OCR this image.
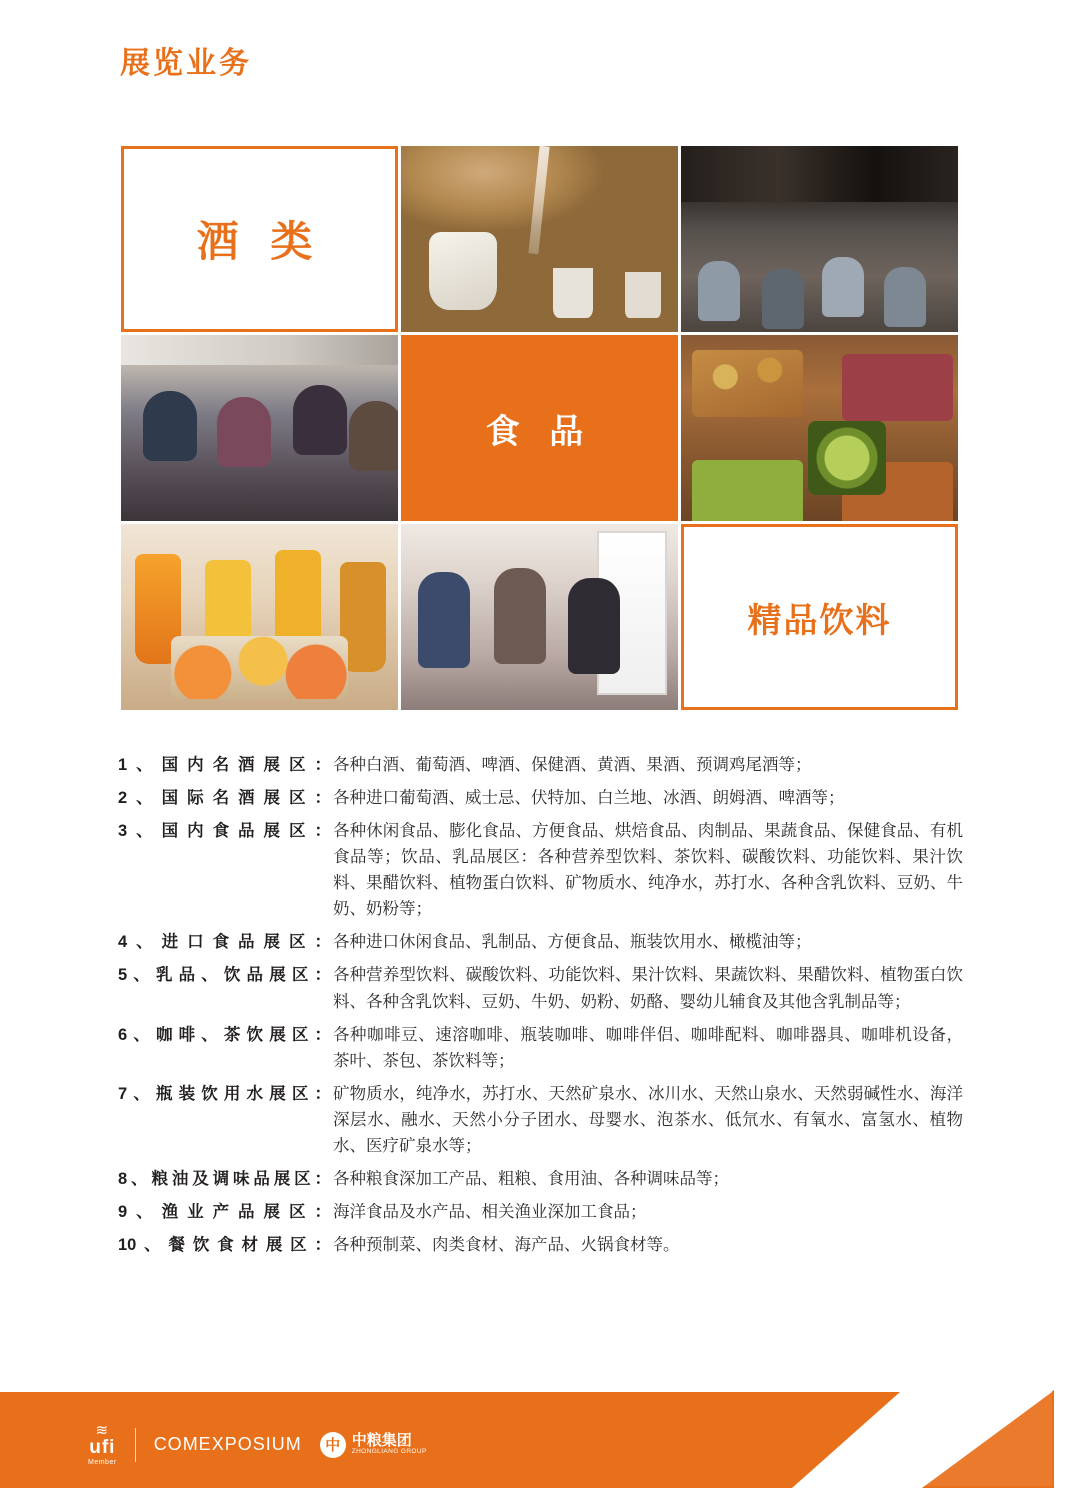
展览业务
酒 类
食 品
精品饮料
1、国内名酒展区： 各种白酒、葡萄酒、啤酒、保健酒、黄酒、果酒、预调鸡尾酒等；
2、国际名酒展区： 各种进口葡萄酒、威士忌、伏特加、白兰地、冰酒、朗姆酒、啤酒等；
3、国内食品展区： 各种休闲食品、膨化食品、方便食品、烘焙食品、肉制品、果蔬食品、保健食品、有机食品等；饮品、乳品展区：各种营养型饮料、茶饮料、碳酸饮料、功能饮料、果汁饮料、果醋饮料、植物蛋白饮料、矿物质水、纯净水，苏打水、各种含乳饮料、豆奶、牛奶、奶粉等；
4、进口食品展区： 各种进口休闲食品、乳制品、方便食品、瓶装饮用水、橄榄油等；
5、乳品、饮品展区： 各种营养型饮料、碳酸饮料、功能饮料、果汁饮料、果蔬饮料、果醋饮料、植物蛋白饮料、各种含乳饮料、豆奶、牛奶、奶粉、奶酪、婴幼儿辅食及其他含乳制品等；
6、咖啡、茶饮展区： 各种咖啡豆、速溶咖啡、瓶装咖啡、咖啡伴侣、咖啡配料、咖啡器具、咖啡机设备， 茶叶、茶包、茶饮料等；
7、瓶装饮用水展区： 矿物质水，纯净水，苏打水、天然矿泉水、冰川水、天然山泉水、天然弱碱性水、海洋深层水、融水、天然小分子团水、母婴水、泡茶水、低氘水、有氧水、富氢水、植物水、医疗矿泉水等；
8、粮油及调味品展区： 各种粮食深加工产品、粗粮、食用油、各种调味品等；
9、渔业产品展区： 海洋食品及水产品、相关渔业深加工食品；
10、餐饮食材展区： 各种预制菜、肉类食材、海产品、火锅食材等。
≋
ufi
Member
COMEXPOSIUM	中 中粮集团
ZHONGLIANG GROUP
